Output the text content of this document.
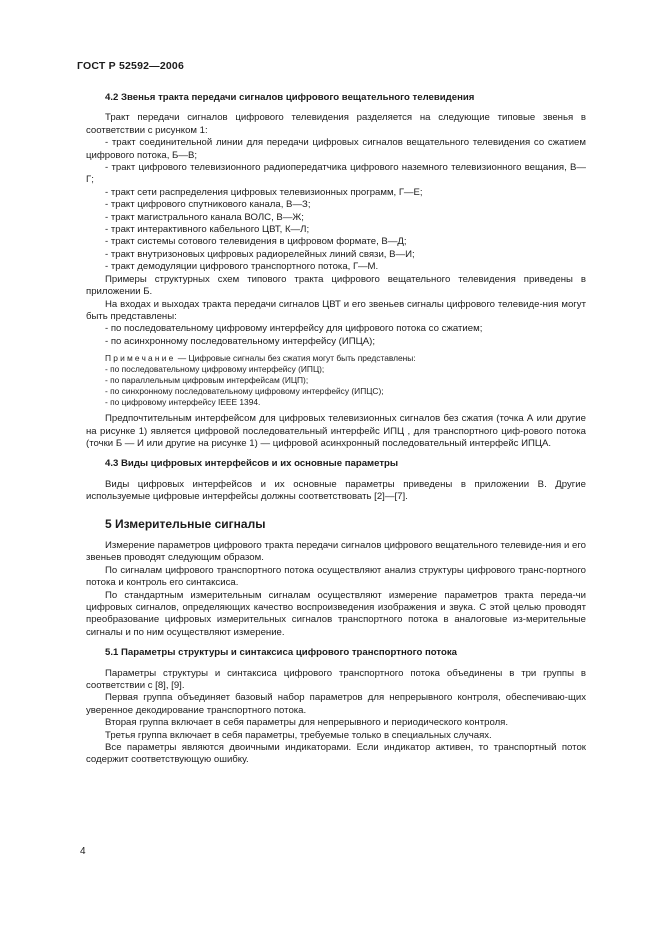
ГОСТ Р 52592—2006

4.2 Звенья тракта передачи сигналов цифрового вещательного телевидения

Тракт передачи сигналов цифрового телевидения разделяется на следующие типовые звенья в соответствии с рисунком 1:

- тракт соединительной линии для передачи цифровых сигналов вещательного телевидения со сжатием цифрового потока, Б—В;

- тракт цифрового телевизионного радиопередатчика цифрового наземного телевизионного вещания, В—Г;

- тракт сети распределения цифровых телевизионных программ, Г—Е;

- тракт цифрового спутникового канала, В—З;

- тракт магистрального канала ВОЛС, В—Ж;

- тракт интерактивного кабельного ЦВТ, К—Л;

- тракт системы сотового телевидения в цифровом формате, В—Д;

- тракт внутризоновых цифровых радиорелейных линий связи, В—И;

- тракт демодуляции цифрового транспортного потока, Г—М.

Примеры структурных схем типового тракта цифрового вещательного телевидения приведены в приложении Б.

На входах и выходах тракта передачи сигналов ЦВТ и его звеньев сигналы цифрового телевиде-ния могут быть представлены:

- по последовательному цифровому интерфейсу для цифрового потока со сжатием;

- по асинхронному последовательному интерфейсу (ИПЦА);

Примечание — Цифровые сигналы без сжатия могут быть представлены:

- по последовательному цифровому интерфейсу (ИПЦ);

- по параллельным цифровым интерфейсам (ИЦП);

- по синхронному последовательному цифровому интерфейсу (ИПЦС);

- по цифровому интерфейсу IEEE 1394.

Предпочтительным интерфейсом для цифровых телевизионных сигналов без сжатия (точка А или другие на рисунке 1) является цифровой последовательный интерфейс ИПЦ , для транспортного циф-рового потока (точки Б — И или другие на рисунке 1) — цифровой асинхронный последовательный интерфейс ИПЦА.

4.3 Виды цифровых интерфейсов и их основные параметры

Виды цифровых интерфейсов и их основные параметры приведены в приложении В. Другие используемые цифровые интерфейсы должны соответствовать [2]—[7].

5 Измерительные сигналы

Измерение параметров цифрового тракта передачи сигналов цифрового вещательного телевиде-ния и его звеньев проводят следующим образом.

По сигналам цифрового транспортного потока осуществляют анализ структуры цифрового транс-портного потока и контроль его синтаксиса.

По стандартным измерительным сигналам осуществляют измерение параметров тракта переда-чи цифровых сигналов, определяющих качество воспроизведения изображения и звука. С этой целью проводят преобразование цифровых измерительных сигналов транспортного потока в аналоговые из-мерительные сигналы и по ним осуществляют измерение.

5.1 Параметры структуры и синтаксиса цифрового транспортного потока

Параметры структуры и синтаксиса цифрового транспортного потока объединены в три группы в соответствии с [8], [9].

Первая группа объединяет базовый набор параметров для непрерывного контроля, обеспечиваю-щих уверенное декодирование транспортного потока.

Вторая группа включает в себя параметры для непрерывного и периодического контроля.

Третья группа включает в себя параметры, требуемые только в специальных случаях.

Все параметры являются двоичными индикаторами. Если индикатор активен, то транспортный поток содержит соответствующую ошибку.

4
